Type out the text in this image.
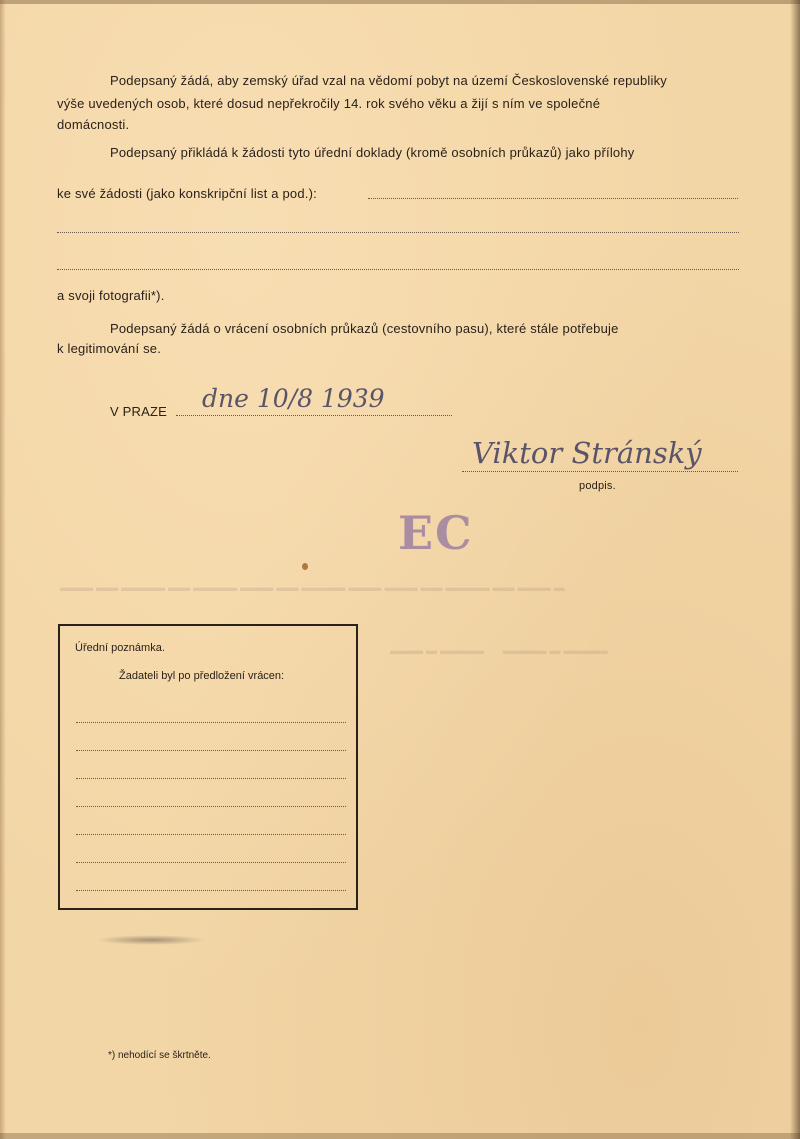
Podepsaný žádá, aby zemský úřad vzal na vědomí pobyt na území Československé republiky
výše uvedených osob, které dosud nepřekročily 14. rok svého věku a žijí s ním ve společné
domácnosti.
Podepsaný přikládá k žádosti tyto úřední doklady (kromě osobních průkazů) jako přílohy
ke své žádosti (jako konskripční list a pod.):
a svoji fotografii*).
Podepsaný žádá o vrácení osobních průkazů (cestovního pasu), které stále potřebuje
k legitimování se.
V PRAZE dne 10/8 1939
Viktor Stránský
podpis.
EC
▬ ▬▬▬ ▬▬ ▬▬▬▬ ▬▬ ▬▬▬ ▬▬▬ ▬▬▬▬ ▬▬ ▬▬▬ ▬▬▬▬ ▬▬ ▬▬▬▬ ▬▬ ▬▬▬
▬▬▬▬ ▬ ▬▬▬▬      ▬▬▬▬ ▬ ▬▬▬
Úřední poznámka.
Žadateli byl po předložení vrácen:
*) nehodící se škrtněte.
